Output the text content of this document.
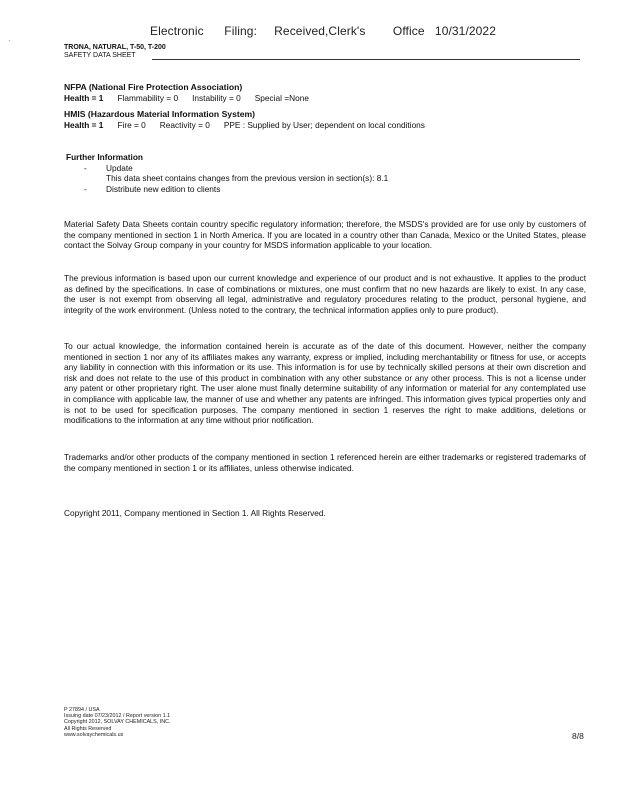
Electronic      Filing:     Received,Clerk's        Office   10/31/2022
·
TRONA, NATURAL, T-50, T-200
SAFETY DATA SHEET
NFPA (National Fire Protection Association)
Health = 1 Flammability = 0 Instability = 0 Special =None
HMIS (Hazardous Material Information System)
Health = 1 Fire = 0 Reactivity = 0 PPE : Supplied by User; dependent on local conditions
Further Information
-	Update
This data sheet contains changes from the previous version in section(s): 8.1
-	Distribute new edition to clients

Material Safety Data Sheets contain country specific regulatory information; therefore, the MSDS's provided are for use only by customers of the company mentioned in section 1 in North America. If you are located in a country other than Canada, Mexico or the United States, please contact the Solvay Group company in your country for MSDS information applicable to your location.

The previous information is based upon our current knowledge and experience of our product and is not exhaustive. It applies to the product as defined by the specifications. In case of combinations or mixtures, one must confirm that no new hazards are likely to exist. In any case, the user is not exempt from observing all legal, administrative and regulatory procedures relating to the product, personal hygiene, and integrity of the work environment. (Unless noted to the contrary, the technical information applies only to pure product).

To our actual knowledge, the information contained herein is accurate as of the date of this document. However, neither the company mentioned in section 1 nor any of its affiliates makes any warranty, express or implied, including merchantability or fitness for use, or accepts any liability in connection with this information or its use. This information is for use by technically skilled persons at their own discretion and risk and does not relate to the use of this product in combination with any other substance or any other process. This is not a license under any patent or other proprietary right. The user alone must finally determine suitability of any information or material for any contemplated use in compliance with applicable law, the manner of use and whether any patents are infringed. This information gives typical properties only and is not to be used for specification purposes. The company mentioned in section 1 reserves the right to make additions, deletions or modifications to the information at any time without prior notification.

Trademarks and/or other products of the company mentioned in section 1 referenced herein are either trademarks or registered trademarks of the company mentioned in section 1 or its affiliates, unless otherwise indicated.

Copyright 2011, Company mentioned in Section 1. All Rights Reserved.

P 27894 / USA
Issuing date 07/23/2012 / Report version 1.1
Copyright 2012, SOLVAY CHEMICALS, INC.
All Rights Reserved
www.solvaychemicals.us	8/8
